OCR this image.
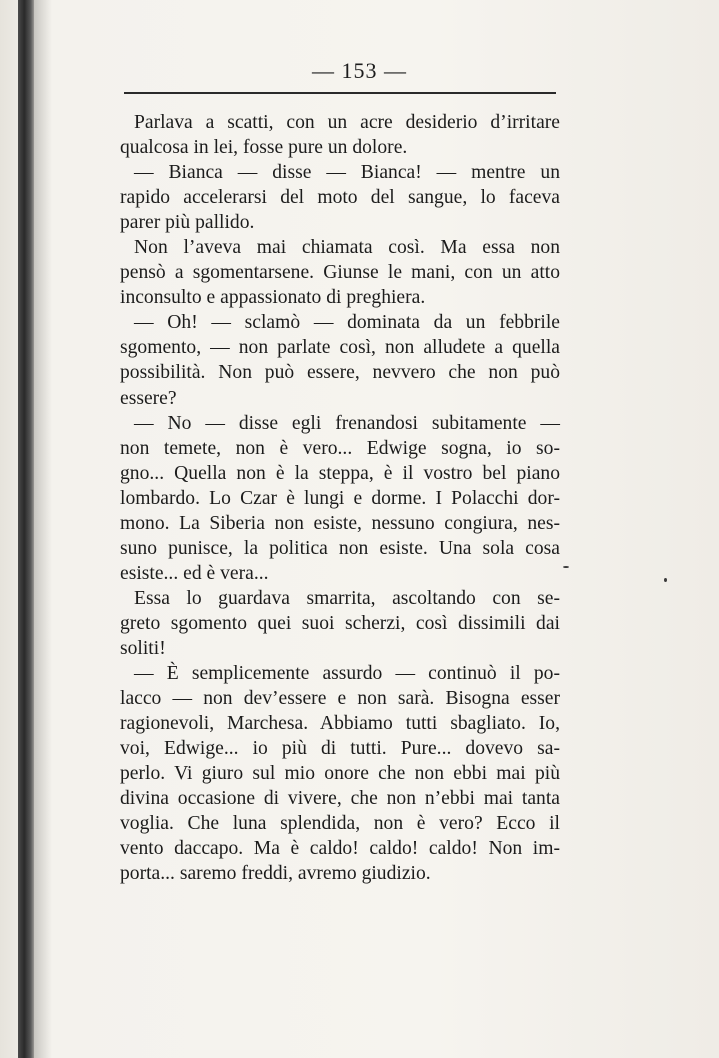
— 153 —
Parlava a scatti, con un acre desiderio d’irritare
qualcosa in lei, fosse pure un dolore.
— Bianca — disse — Bianca! — mentre un
rapido accelerarsi del moto del sangue, lo faceva
parer più pallido.
Non l’aveva mai chiamata così. Ma essa non
pensò a sgomentarsene. Giunse le mani, con un atto
inconsulto e appassionato di preghiera.
— Oh! — sclamò — dominata da un febbrile
sgomento, — non parlate così, non alludete a quella
possibilità. Non può essere, nevvero che non può
essere?
— No — disse egli frenandosi subitamente —
non temete, non è vero... Edwige sogna, io so-
gno... Quella non è la steppa, è il vostro bel piano
lombardo. Lo Czar è lungi e dorme. I Polacchi dor-
mono. La Siberia non esiste, nessuno congiura, nes-
suno punisce, la politica non esiste. Una sola cosa
esiste... ed è vera...
Essa lo guardava smarrita, ascoltando con se-
greto sgomento quei suoi scherzi, così dissimili dai
soliti!
— È semplicemente assurdo — continuò il po-
lacco — non dev’essere e non sarà. Bisogna esser
ragionevoli, Marchesa. Abbiamo tutti sbagliato. Io,
voi, Edwige... io più di tutti. Pure... dovevo sa-
perlo. Vi giuro sul mio onore che non ebbi mai più
divina occasione di vivere, che non n’ebbi mai tanta
voglia. Che luna splendida, non è vero? Ecco il
vento daccapo. Ma è caldo! caldo! caldo! Non im-
porta... saremo freddi, avremo giudizio.
